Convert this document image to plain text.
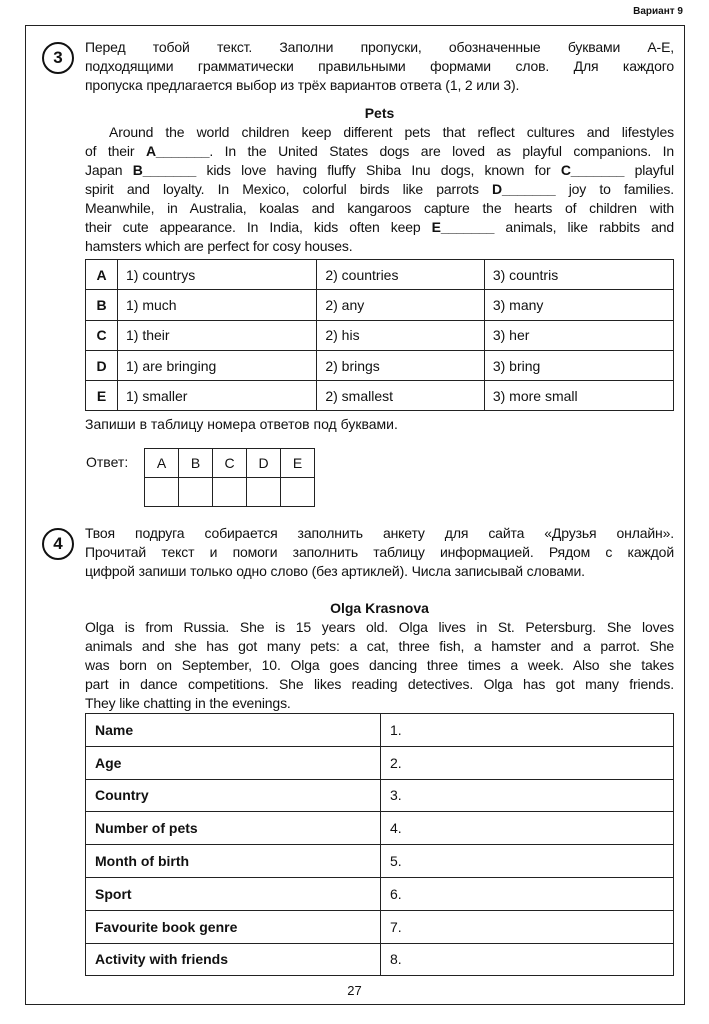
Вариант 9
3
Перед тобой текст. Заполни пропуски, обозначенные буквами А-Е,
подходящими грамматически правильными формами слов. Для каждого
пропуска предлагается выбор из трёх вариантов ответа (1, 2 или 3).
Pets
Around the world children keep different pets that reflect cultures and lifestyles
of their A_______. In the United States dogs are loved as playful companions. In
Japan B_______ kids love having fluffy Shiba Inu dogs, known for C_______ playful
spirit and loyalty. In Mexico, colorful birds like parrots D_______ joy to families.
Meanwhile, in Australia, koalas and kangaroos capture the hearts of children with
their cute appearance. In India, kids often keep E_______ animals, like rabbits and
hamsters which are perfect for cosy houses.
A	1) countrys	2) countries	3) countris
B	1) much	2) any	3) many
C	1) their	2) his	3) her
D	1) are bringing	2) brings	3) bring
E	1) smaller	2) smallest	3) more small
Запиши в таблицу номера ответов под буквами.
Ответ: A	B	C	D	E

4
Твоя подруга собирается заполнить анкету для сайта «Друзья онлайн».
Прочитай текст и помоги заполнить таблицу информацией. Рядом с каждой
цифрой запиши только одно слово (без артиклей). Числа записывай словами.
Olga Krasnova
Olga is from Russia. She is 15 years old. Olga lives in St. Petersburg. She loves
animals and she has got many pets: a cat, three fish, a hamster and a parrot. She
was born on September, 10. Olga goes dancing three times a week. Also she takes
part in dance competitions. She likes reading detectives. Olga has got many friends.
They like chatting in the evenings.
Name	1.
Age	2.
Country	3.
Number of pets	4.
Month of birth	5.
Sport	6.
Favourite book genre	7.
Activity with friends	8.
27
